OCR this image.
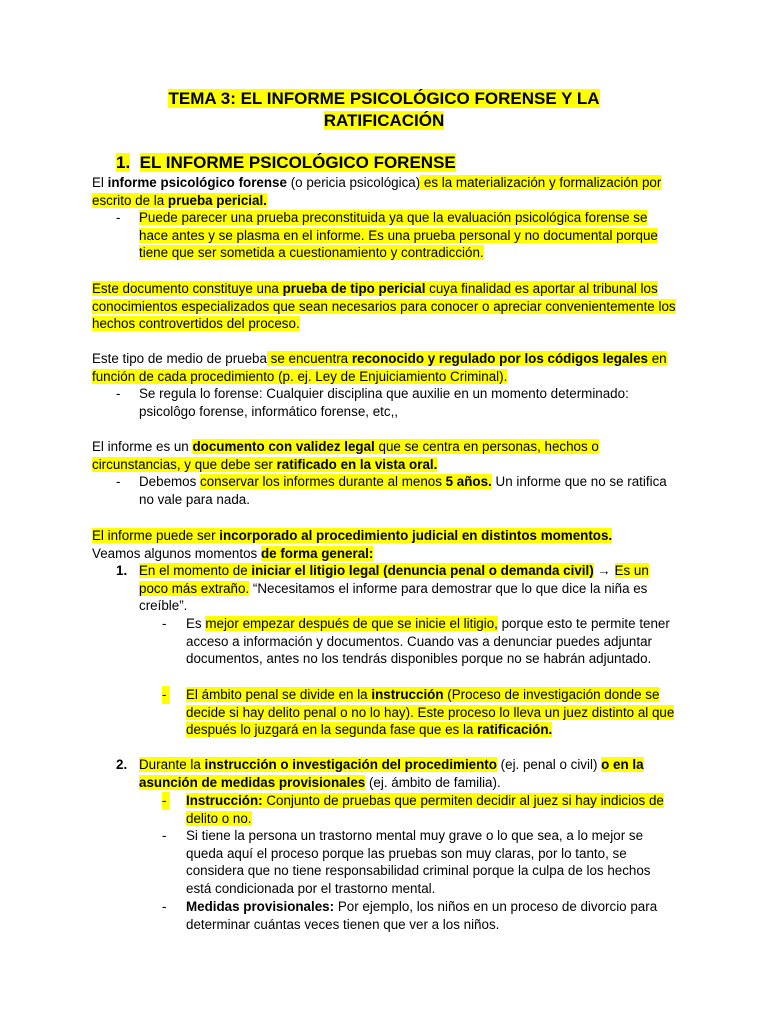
TEMA 3: EL INFORME PSICOLÓGICO FORENSE Y LA
RATIFICACIÓN
1. EL INFORME PSICOLÓGICO FORENSE

El informe psicológico forense (o pericia psicológica) es la materialización y formalización por escrito de la prueba pericial.

-	Puede parecer una prueba preconstituida ya que la evaluación psicológica forense se hace antes y se plasma en el informe. Es una prueba personal y no documental porque tiene que ser sometida a cuestionamiento y contradicción.

Este documento constituye una prueba de tipo pericial cuya finalidad es aportar al tribunal los conocimientos especializados que sean necesarios para conocer o apreciar convenientemente los hechos controvertidos del proceso.

Este tipo de medio de prueba se encuentra reconocido y regulado por los códigos legales en función de cada procedimiento (p. ej. Ley de Enjuiciamiento Criminal).

-	Se regula lo forense: Cualquier disciplina que auxilie en un momento determinado: psicolôgo forense, informático forense, etc,,

El informe es un documento con validez legal que se centra en personas, hechos o circunstancias, y que debe ser ratificado en la vista oral.

-	Debemos conservar los informes durante al menos 5 años. Un informe que no se ratifica no vale para nada.

El informe puede ser incorporado al procedimiento judicial en distintos momentos.
Veamos algunos momentos de forma general:

1. En el momento de iniciar el litigio legal (denuncia penal o demanda civil) → Es un poco más extraño. “Necesitamos el informe para demostrar que lo que dice la niña es creíble”.

-	Es mejor empezar después de que se inicie el litigio, porque esto te permite tener acceso a información y documentos. Cuando vas a denunciar puedes adjuntar documentos, antes no los tendrás disponibles porque no se habrán adjuntado.

- El ámbito penal se divide en la instrucción (Proceso de investigación donde se decide si hay delito penal o no lo hay). Este proceso lo lleva un juez distinto al que después lo juzgará en la segunda fase que es la ratificación.

2. Durante la instrucción o investigación del procedimiento (ej. penal o civil) o en la asunción de medidas provisionales (ej. ámbito de familia).

- Instrucción: Conjunto de pruebas que permiten decidir al juez si hay indicios de delito o no.

-	Si tiene la persona un trastorno mental muy grave o lo que sea, a lo mejor se queda aquí el proceso porque las pruebas son muy claras, por lo tanto, se considera que no tiene responsabilidad criminal porque la culpa de los hechos está condicionada por el trastorno mental.

-	Medidas provisionales: Por ejemplo, los niños en un proceso de divorcio para determinar cuántas veces tienen que ver a los niños.
